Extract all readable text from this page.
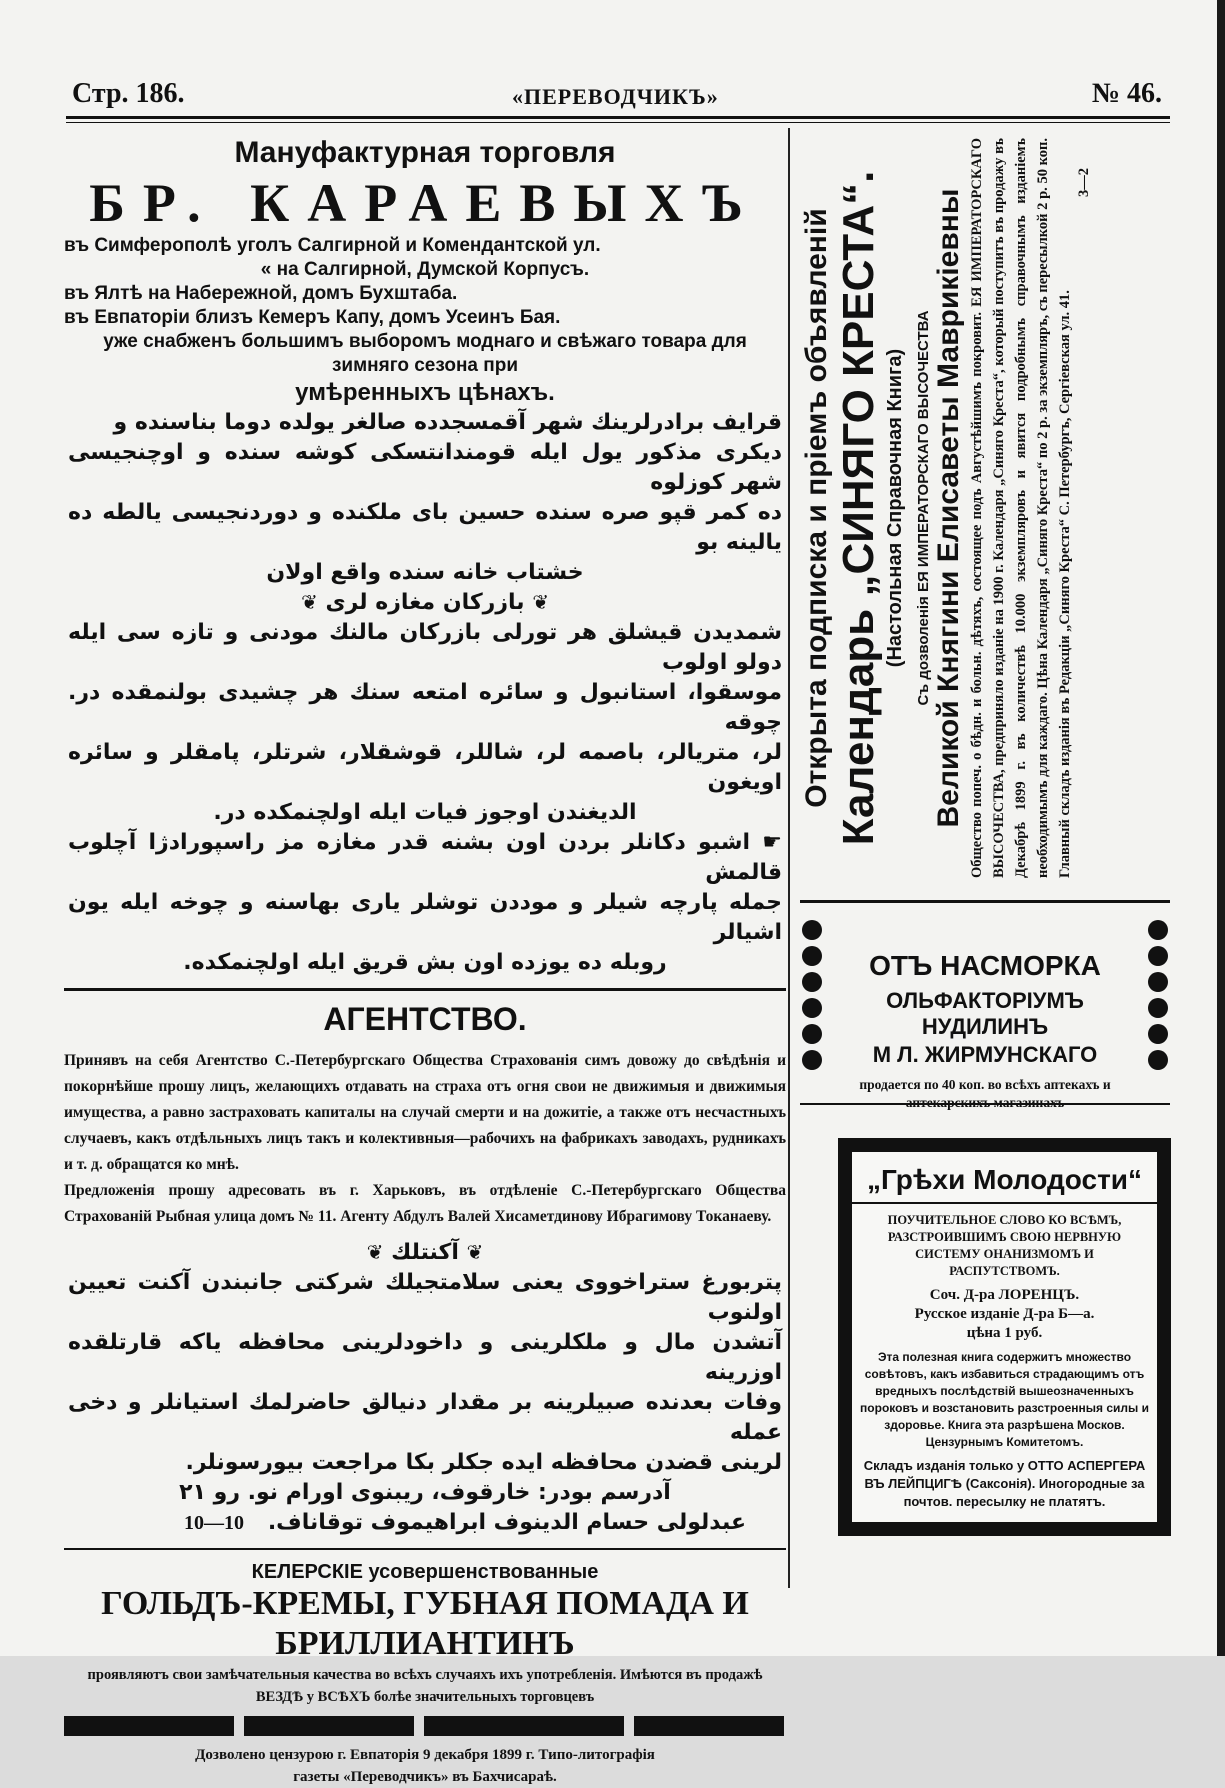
Стр. 186.	«ПЕРЕВОДЧИКЪ»	№ 46.
Мануфактурная торговля
БР. КАРАЕВЫХЪ
въ Симферополѣ уголъ Салгирной и Комендантской ул.
« на Салгирной, Думской Корпусъ.
въ Ялтѣ на Набережной, домъ Бухштаба.
въ Евпаторіи близъ Кемеръ Капу, домъ Усеинъ Бая.
уже снабженъ большимъ выборомъ моднаго и свѣжаго товара для
зимняго сезона при
умѣренныхъ цѣнахъ.
قرايف برادرلرينك شهر آقمسجدده صالغر يولده دوما بناسنده و
ديكرى مذكور يول ايله قومندانتسكى كوشه سنده و اوچنجيسى شهر كوزلوه
ده كمر قپو صره سنده حسين باى ملكنده و دوردنجيسى يالطه ده يالينه بو
خشتاب خانه سنده واقع اولان
❦ بازركان مغازه لرى ❦
شمديدن قيشلق هر تورلى بازركان مالنك مودنى و تازه سى ايله دولو اولوب
موسقوا، استانبول و سائره امتعه سنك هر چشيدى بولنمقده در. چوقه
لر، متريالر، باصمه لر، شاللر، قوشقلار، شرتلر، پامقلر و سائره اويغون
الديغندن اوجوز فيات ايله اولچنمكده در.
☛ اشبو دكانلر بردن اون بشنه قدر مغازه مز راسپورادژا آچلوب قالمش
جمله پارچه شيلر و موددن توشلر يارى بهاسنه و چوخه ايله يون اشيالر
روبله ده يوزده اون بش قريق ايله اولچنمكده.
АГЕНТСТВО.
Принявъ на себя Агентство С.-Петербургскаго Общества Страхованія симъ довожу до свѣдѣнія и покорнѣйше прошу лицъ, желающихъ отдавать на страха отъ огня свои не движимыя и движимыя имущества, а равно застраховать капиталы на случай смерти и на дожитіе, а также отъ несчастныхъ случаевъ, какъ отдѣльныхъ лицъ такъ и колективныя—рабочихъ на фабрикахъ заводахъ, рудникахъ и т. д. обращатся ко мнѣ.
Предложенія прошу адресовать въ г. Харьковъ, въ отдѣленіе С.-Петербургскаго Общества Страхованій Рыбная улица домъ № 11. Агенту Абдулъ Валей Хисаметдинову Ибрагимову Токанаеву.
❦ آكنتلك ❦
پتربورغ ستراخووى يعنى سلامتجيلك شركتى جانبندن آكنت تعيين اولنوب
آتشدن مال و ملكلرينى و داخودلرينى محافظه ياكه قارتلقده اوزرينه
وفات بعدنده صبيلرينه بر مقدار دنيالق حاضرلمك استيانلر و دخى عمله
لرينى قضدن محافظه ايده جكلر بكا مراجعت بيورسونلر.
آدرسم بودر: خارقوف، ريبنوى اورام نو. رو ٢١
10—10 عبدلولى حسام الدينوف ابراهيموف توقاناف.
КЕЛЕРСКІЕ усовершенствованные
ГОЛЬДЪ-КРЕМЫ, ГУБНАЯ ПОМАДА И БРИЛЛИАНТИНЪ
проявляютъ свои замѣчательныя качества во всѣхъ случаяхъ ихъ употребленія. Имѣются въ продажѣ ВЕЗДѢ у ВСѢХЪ болѣе значительныхъ торговцевъ
Дозволено цензурою г. Евпаторія 9 декабря 1899 г. Типо-литографія
газеты «Переводчикъ» въ Бахчисараѣ.
Открыта подписка и пріемъ объявленій Календарь „СИНЯГО КРЕСТА“. (Настольная Справочная Книга) Съ дозволенія ЕЯ ИМПЕРАТОРСКАГО ВЫСОЧЕСТВА Великой Княгини Елисаветы Маврикіевны Общество попеч. о бѣдн. и больн. дѣтяхъ, состоящее подъ Августѣйшимъ покровит. ЕЯ ИМПЕРАТОРСКАГО ВЫСОЧЕСТВА, предприняло изданіе на 1900 г. Календаря „Синяго Креста“, который поступитъ въ продажу въ Декабрѣ 1899 г. въ количествѣ 10.000 экземпляровъ и явится подробнымъ справочнымъ изданіемъ необходимымъ для каждаго. Цѣна Календаря „Синяго Креста“ по 2 р. за экземпляръ, съ пересылкой 2 р. 50 коп. Главный складъ изданія въ Редакціи „Синяго Креста“ С. Петербургъ, Сергіевская ул. 41.
3—2
ОТЪ НАСМОРКА
ОЛЬФАКТОРІУМЪ НУДИЛИНЪ
М Л. ЖИРМУНСКАГО
продается по 40 коп. во всѣхъ аптекахъ и
„Грѣхи Молодости“
ПОУЧИТЕЛЬНОЕ СЛОВО КО ВСѢМЪ, РАЗСТРОИВШИМЪ СВОЮ НЕРВНУЮ СИСТЕМУ ОНАНИЗМОМЪ И РАСПУТСТВОМЪ.
Соч. Д-ра ЛОРЕНЦЪ.
Русское изданіе Д-ра Б—а.
цѣна 1 руб.
Эта полезная книга содержитъ множество совѣтовъ, какъ избавиться страдающимъ отъ вредныхъ послѣдствій вышеозначенныхъ пороковъ и возстановить разстроенныя силы и здоровье. Книга эта разрѣшена Москов. Цензурнымъ Комитетомъ.
Складъ изданія только у ОТТО АСПЕРГЕРА ВЪ ЛЕЙПЦИГѢ (Саксонія). Иногородные за почтов. пересылку не платятъ.
